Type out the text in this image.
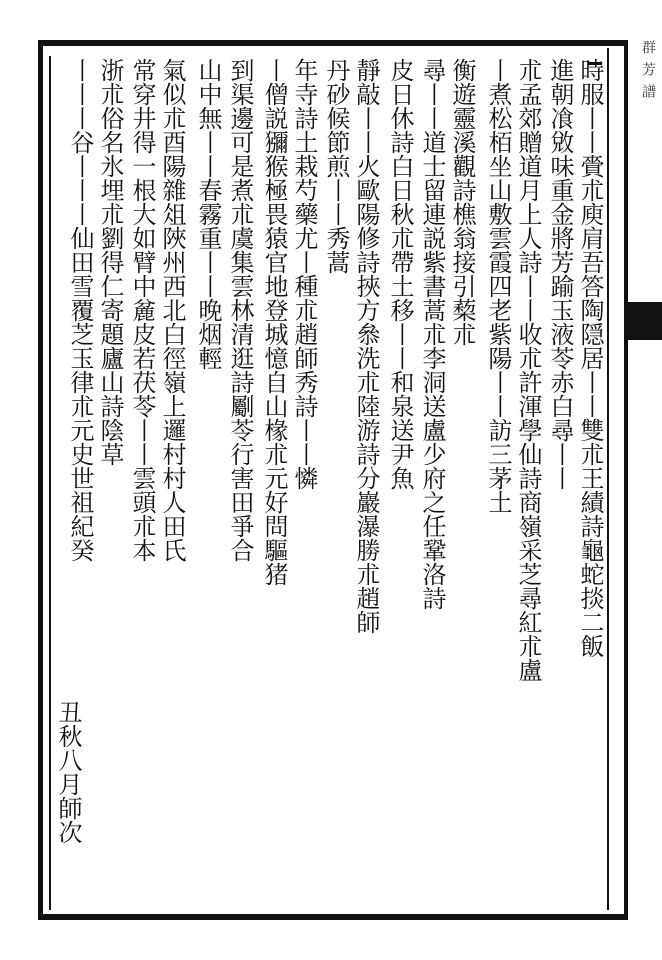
群芳譜
時服丨丨賫朮庾肩吾答陶隠居丨丨雙朮王績詩龜蛇掞二飯
進朝飡敓味重金將芳踰玉液苓赤白尋丨丨
朮孟郊贈道月上人詩丨丨收朮許渾學仙詩商嶺采芝尋紅朮盧
丨煮松栢坐山敷雲霞四老紫陽丨丨訪三茅土
衡遊靈溪觀詩樵翁接引蔾朮
尋丨丨道士留連説紫書蒿朮李洞送盧少府之任鞏洛詩
皮日休詩白日秋朮帶土移丨丨和泉送尹魚
靜敲丨丨火歐陽修詩挾方叅洗朮陸游詩分巖瀑勝朮趙師
丹砂候節煎丨丨秀蒿
年寺詩土栽芍藥尤丨種朮趙師秀詩丨丨憐
丨僧説獼猴極畏猿官地登城憶自山椽朮元好問驅猪
到渠邊可是煮朮虞集雲林清逛詩劚苓行害田爭合
山中無丨丨春霧重丨丨晚烟輕
氣似朮酉陽雜俎陜州西北白徑嶺上邏村村人田氏
常穿井得一根大如臂中麄皮若茯苓丨丨雲頭朮本
浙朮俗名氷埋朮劉得仁寄題廬山詩陰草
丨丨丨谷丨丨丨仙田雪覆芝玉律朮元史世祖紀癸
丑秋八月師次
